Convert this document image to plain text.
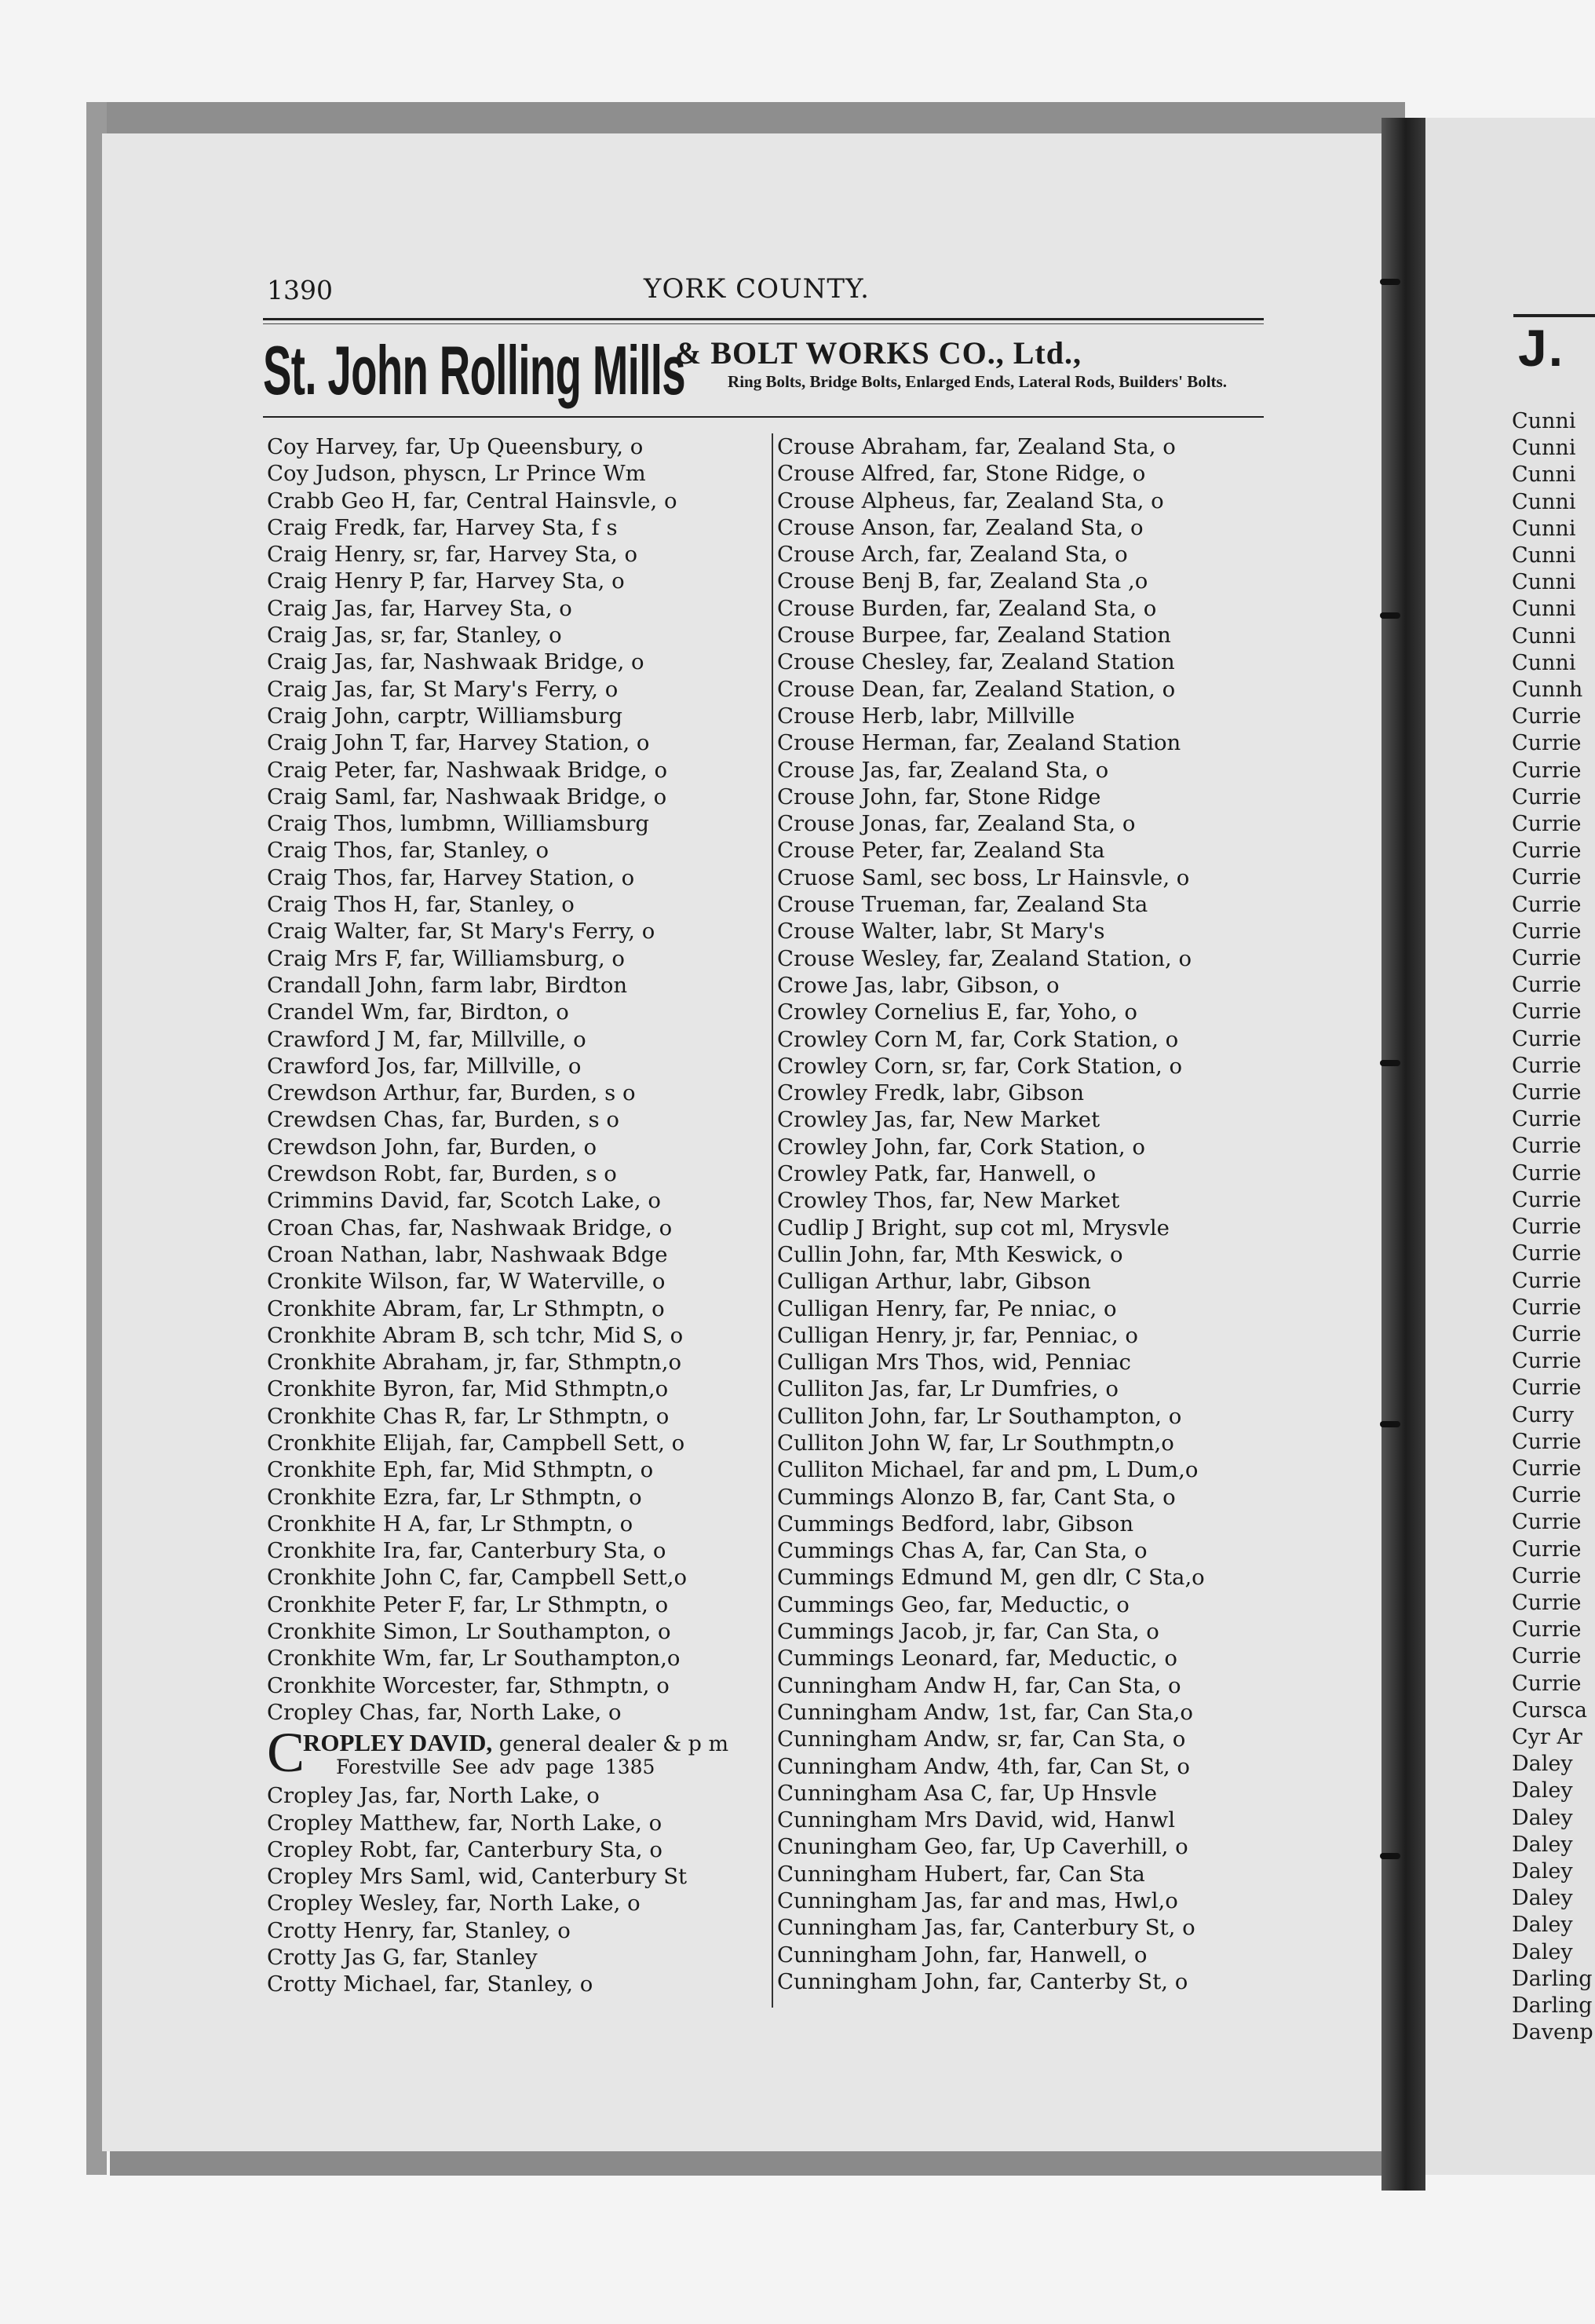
J.
Cunni
Cunni
Cunni
Cunni
Cunni
Cunni
Cunni
Cunni
Cunni
Cunni
Cunnh
Currie
Currie
Currie
Currie
Currie
Currie
Currie
Currie
Currie
Currie
Currie
Currie
Currie
Currie
Currie
Currie
Currie
Currie
Currie
Currie
Currie
Currie
Currie
Currie
Currie
Currie
Curry
Currie
Currie
Currie
Currie
Currie
Currie
Currie
Currie
Currie
Currie
Cursca
Cyr Ar
Daley
Daley
Daley
Daley
Daley
Daley
Daley
Daley
Darling
Darling
Davenp
1390	YORK COUNTY.
St. John Rolling Mills
& BOLT WORKS CO., Ltd.,
Ring Bolts, Bridge Bolts, Enlarged Ends, Lateral Rods, Builders' Bolts.
Coy Harvey, far, Up Queensbury, o
Coy Judson, physcn, Lr Prince Wm
Crabb Geo H, far, Central Hainsvle, o
Craig Fredk, far, Harvey Sta, f s
Craig Henry, sr, far, Harvey Sta, o
Craig Henry P, far, Harvey Sta, o
Craig Jas, far, Harvey Sta, o
Craig Jas, sr, far, Stanley, o
Craig Jas, far, Nashwaak Bridge, o
Craig Jas, far, St Mary's Ferry, o
Craig John, carptr, Williamsburg
Craig John T, far, Harvey Station, o
Craig Peter, far, Nashwaak Bridge, o
Craig Saml, far, Nashwaak Bridge, o
Craig Thos, lumbmn, Williamsburg
Craig Thos, far, Stanley, o
Craig Thos, far, Harvey Station, o
Craig Thos H, far, Stanley, o
Craig Walter, far, St Mary's Ferry, o
Craig Mrs F, far, Williamsburg, o
Crandall John, farm labr, Birdton
Crandel Wm, far, Birdton, o
Crawford J M, far, Millville, o
Crawford Jos, far, Millville, o
Crewdson Arthur, far, Burden, s o
Crewdsen Chas, far, Burden, s o
Crewdson John, far, Burden, o
Crewdson Robt, far, Burden, s o
Crimmins David, far, Scotch Lake, o
Croan Chas, far, Nashwaak Bridge, o
Croan Nathan, labr, Nashwaak Bdge
Cronkite Wilson, far, W Waterville, o
Cronkhite Abram, far, Lr Sthmptn, o
Cronkhite Abram B, sch tchr, Mid S, o
Cronkhite Abraham, jr, far, Sthmptn,o
Cronkhite Byron, far, Mid Sthmptn,o
Cronkhite Chas R, far, Lr Sthmptn, o
Cronkhite Elijah, far, Campbell Sett, o
Cronkhite Eph, far, Mid Sthmptn, o
Cronkhite Ezra, far, Lr Sthmptn, o
Cronkhite H A, far, Lr Sthmptn, o
Cronkhite Ira, far, Canterbury Sta, o
Cronkhite John C, far, Campbell Sett,o
Cronkhite Peter F, far, Lr Sthmptn, o
Cronkhite Simon, Lr Southampton, o
Cronkhite Wm, far, Lr Southampton,o
Cronkhite Worcester, far, Sthmptn, o
Cropley Chas, far, North Lake, o
C
ROPLEY DAVID, general dealer & p m
Forestville See adv page 1385
Cropley Jas, far, North Lake, o
Cropley Matthew, far, North Lake, o
Cropley Robt, far, Canterbury Sta, o
Cropley Mrs Saml, wid, Canterbury St
Cropley Wesley, far, North Lake, o
Crotty Henry, far, Stanley, o
Crotty Jas G, far, Stanley
Crotty Michael, far, Stanley, o
Crouse Abraham, far, Zealand Sta, o
Crouse Alfred, far, Stone Ridge, o
Crouse Alpheus, far, Zealand Sta, o
Crouse Anson, far, Zealand Sta, o
Crouse Arch, far, Zealand Sta, o
Crouse Benj B, far, Zealand Sta ,o
Crouse Burden, far, Zealand Sta, o
Crouse Burpee, far, Zealand Station
Crouse Chesley, far, Zealand Station
Crouse Dean, far, Zealand Station, o
Crouse Herb, labr, Millville
Crouse Herman, far, Zealand Station
Crouse Jas, far, Zealand Sta, o
Crouse John, far, Stone Ridge
Crouse Jonas, far, Zealand Sta, o
Crouse Peter, far, Zealand Sta
Cruose Saml, sec boss, Lr Hainsvle, o
Crouse Trueman, far, Zealand Sta
Crouse Walter, labr, St Mary's
Crouse Wesley, far, Zealand Station, o
Crowe Jas, labr, Gibson, o
Crowley Cornelius E, far, Yoho, o
Crowley Corn M, far, Cork Station, o
Crowley Corn, sr, far, Cork Station, o
Crowley Fredk, labr, Gibson
Crowley Jas, far, New Market
Crowley John, far, Cork Station, o
Crowley Patk, far, Hanwell, o
Crowley Thos, far, New Market
Cudlip J Bright, sup cot ml, Mrysvle
Cullin John, far, Mth Keswick, o
Culligan Arthur, labr, Gibson
Culligan Henry, far, Pe nniac, o
Culligan Henry, jr, far, Penniac, o
Culligan Mrs Thos, wid, Penniac
Culliton Jas, far, Lr Dumfries, o
Culliton John, far, Lr Southampton, o
Culliton John W, far, Lr Southmptn,o
Culliton Michael, far and pm, L Dum,o
Cummings Alonzo B, far, Cant Sta, o
Cummings Bedford, labr, Gibson
Cummings Chas A, far, Can Sta, o
Cummings Edmund M, gen dlr, C Sta,o
Cummings Geo, far, Meductic, o
Cummings Jacob, jr, far, Can Sta, o
Cummings Leonard, far, Meductic, o
Cunningham Andw H, far, Can Sta, o
Cunningham Andw, 1st, far, Can Sta,o
Cunningham Andw, sr, far, Can Sta, o
Cunningham Andw, 4th, far, Can St, o
Cunningham Asa C, far, Up Hnsvle
Cunningham Mrs David, wid, Hanwl
Cnuningham Geo, far, Up Caverhill, o
Cunningham Hubert, far, Can Sta
Cunningham Jas, far and mas, Hwl,o
Cunningham Jas, far, Canterbury St, o
Cunningham John, far, Hanwell, o
Cunningham John, far, Canterby St, o
